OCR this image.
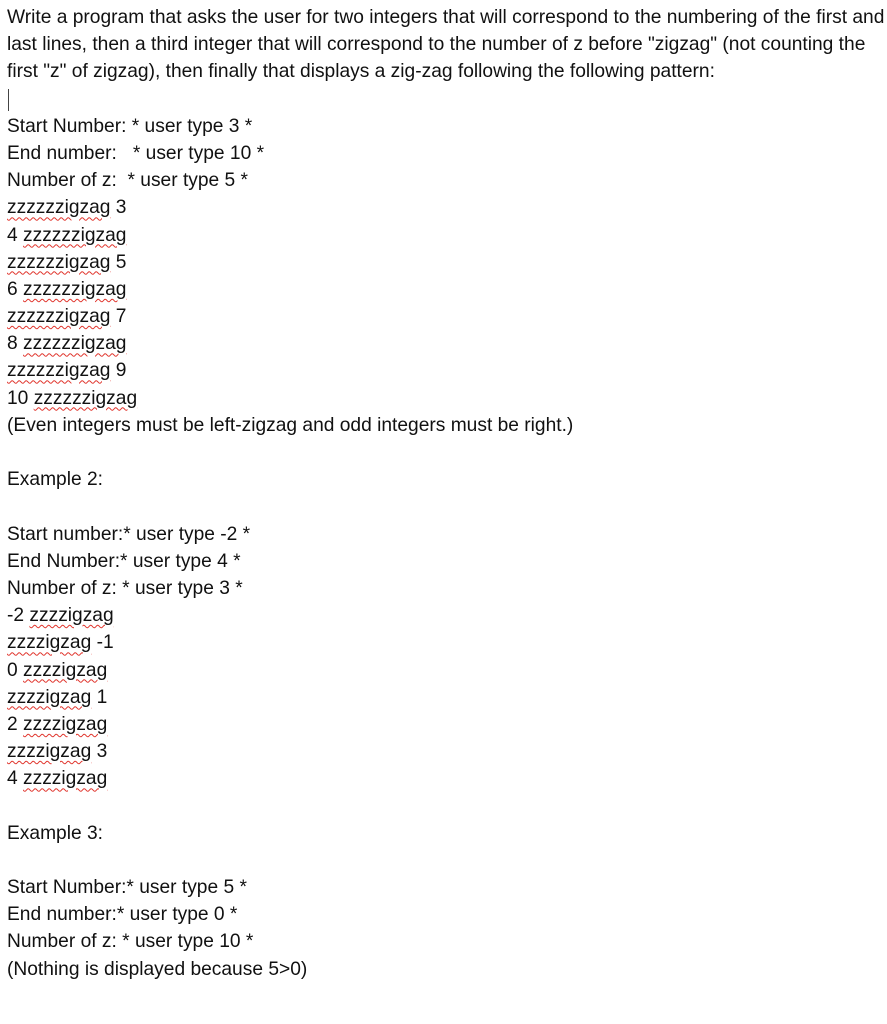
Write a program that asks the user for two integers that will correspond to the numbering of the first and last lines, then a third integer that will correspond to the number of z before "zigzag" (not counting the first "z" of zigzag), then finally that displays a zig-zag following the following pattern:

Start Number: * user type 3 *
End number:   * user type 10 *
Number of z:  * user type 5 *
zzzzzzigzag 3
4 zzzzzzigzag
zzzzzzigzag 5
6 zzzzzzigzag
zzzzzzigzag 7
8 zzzzzzigzag
zzzzzzigzag 9
10 zzzzzzigzag
(Even integers must be left-zigzag and odd integers must be right.)
Example 2:
Start number:* user type -2 *
End Number:* user type 4 *
Number of z: * user type 3 *
-2 zzzzigzag
zzzzigzag -1
0 zzzzigzag
zzzzigzag 1
2 zzzzigzag
zzzzigzag 3
4 zzzzigzag
Example 3:
Start Number:* user type 5 *
End number:* user type 0 *
Number of z: * user type 10 *
(Nothing is displayed because 5>0)
